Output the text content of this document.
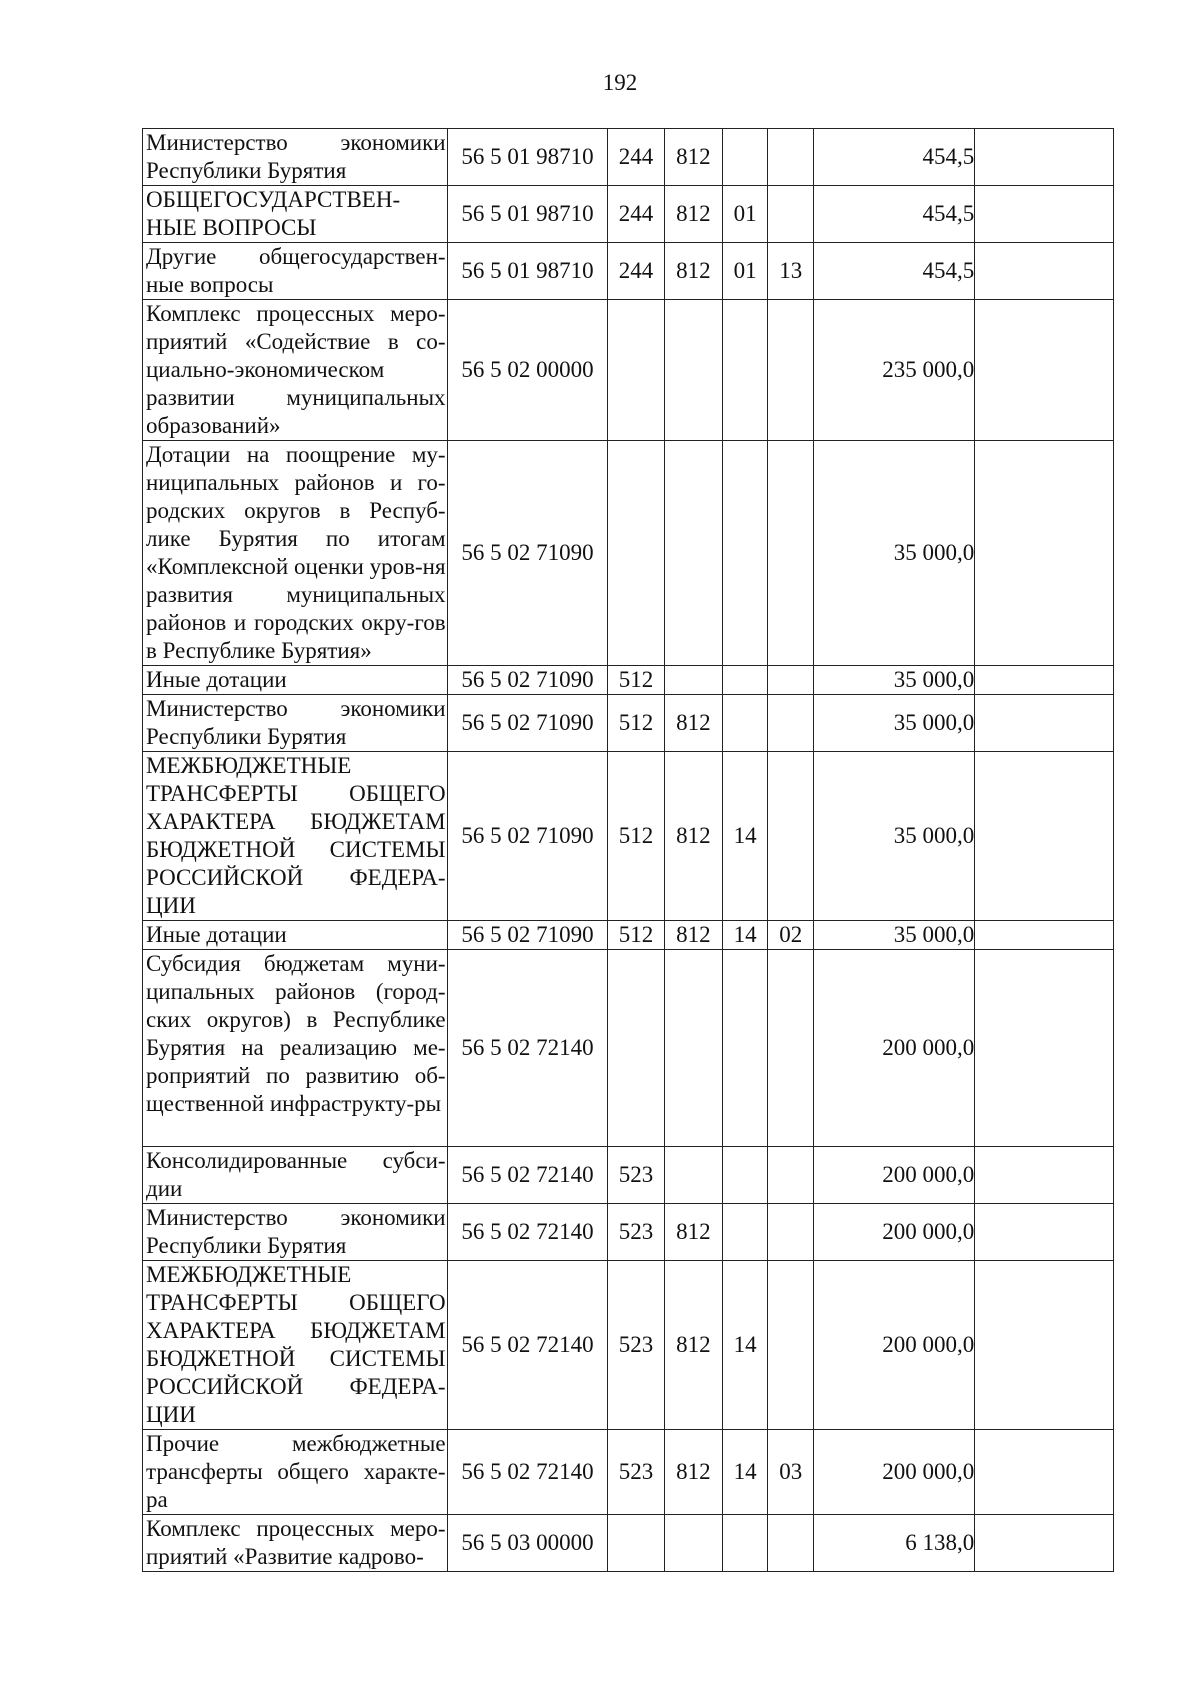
192
Министерство экономики Республики Бурятия	56 5 01 98710	244	812			454,5	

ОБЩЕГОСУДАРСТВЕН-НЫЕ ВОПРОСЫ	56 5 01 98710	244	812	01		454,5	

Другие общегосударствен-ные вопросы	56 5 01 98710	244	812	01	13	454,5	

Комплекс процессных меро-приятий «Содействие в со-циально-экономическом развитии муниципальных образований»	56 5 02 00000					235 000,0	

Дотации на поощрение му-ниципальных районов и го-родских округов в Респуб-лике Бурятия по итогам «Комплексной оценки уров-ня развития муниципальных районов и городских окру-гов в Республике Бурятия»	56 5 02 71090					35 000,0	

Иные дотации	56 5 02 71090	512				35 000,0	

Министерство экономики Республики Бурятия	56 5 02 71090	512	812			35 000,0	

МЕЖБЮДЖЕТНЫЕ ТРАНСФЕРТЫ ОБЩЕГО ХАРАКТЕРА БЮДЖЕТАМ БЮДЖЕТНОЙ СИСТЕМЫ РОССИЙСКОЙ ФЕДЕРА-ЦИИ	56 5 02 71090	512	812	14		35 000,0	

Иные дотации	56 5 02 71090	512	812	14	02	35 000,0	

Субсидия бюджетам муни-ципальных районов (город-ских округов) в Республике Бурятия на реализацию ме-роприятий по развитию об-щественной инфраструкту-ры	56 5 02 72140					200 000,0	

Консолидированные субси-дии	56 5 02 72140	523				200 000,0	

Министерство экономики Республики Бурятия	56 5 02 72140	523	812			200 000,0	

МЕЖБЮДЖЕТНЫЕ ТРАНСФЕРТЫ ОБЩЕГО ХАРАКТЕРА БЮДЖЕТАМ БЮДЖЕТНОЙ СИСТЕМЫ РОССИЙСКОЙ ФЕДЕРА-ЦИИ	56 5 02 72140	523	812	14		200 000,0	

Прочие межбюджетные трансферты общего характе-ра	56 5 02 72140	523	812	14	03	200 000,0	

Комплекс процессных меро-приятий «Развитие кадрово-	56 5 03 00000					6 138,0	
